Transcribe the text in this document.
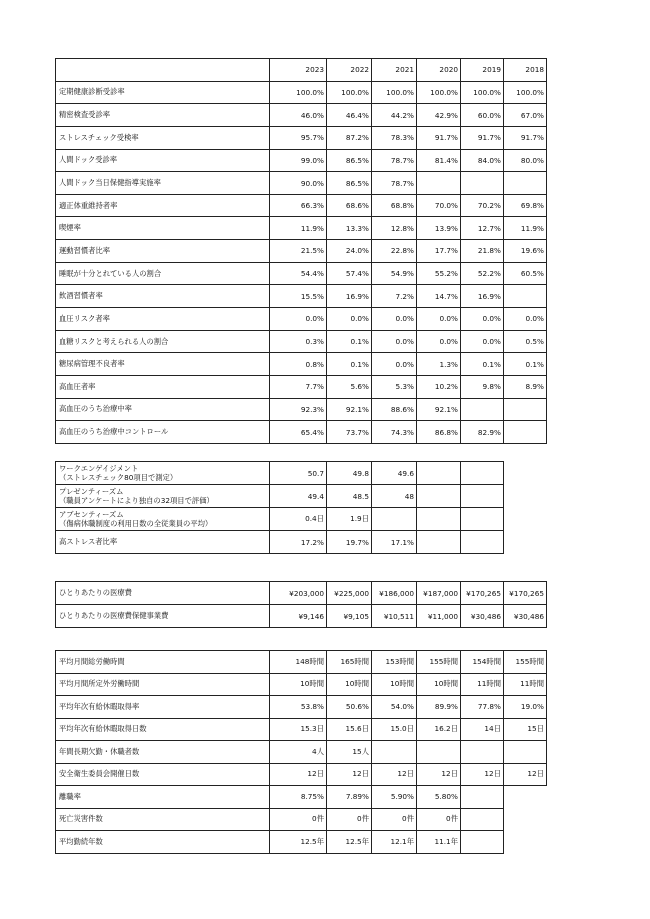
	2023	2022	2021	2020	2019	2018
定期健康診断受診率	100.0%	100.0%	100.0%	100.0%	100.0%	100.0%
精密検査受診率	46.0%	46.4%	44.2%	42.9%	60.0%	67.0%
ストレスチェック受検率	95.7%	87.2%	78.3%	91.7%	91.7%	91.7%
人間ドック受診率	99.0%	86.5%	78.7%	81.4%	84.0%	80.0%
人間ドック当日保健指導実施率	90.0%	86.5%	78.7%			
適正体重維持者率	66.3%	68.6%	68.8%	70.0%	70.2%	69.8%
喫煙率	11.9%	13.3%	12.8%	13.9%	12.7%	11.9%
運動習慣者比率	21.5%	24.0%	22.8%	17.7%	21.8%	19.6%
睡眠が十分とれている人の割合	54.4%	57.4%	54.9%	55.2%	52.2%	60.5%
飲酒習慣者率	15.5%	16.9%	7.2%	14.7%	16.9%	
血圧リスク者率	0.0%	0.0%	0.0%	0.0%	0.0%	0.0%
血糖リスクと考えられる人の割合	0.3%	0.1%	0.0%	0.0%	0.0%	0.5%
糖尿病管理不良者率	0.8%	0.1%	0.0%	1.3%	0.1%	0.1%
高血圧者率	7.7%	5.6%	5.3%	10.2%	9.8%	8.9%
高血圧のうち治療中率	92.3%	92.1%	88.6%	92.1%		
高血圧のうち治療中コントロール	65.4%	73.7%	74.3%	86.8%	82.9%	
ワークエンゲイジメント
（ストレスチェック80項目で測定）	50.7	49.8	49.6		

プレゼンティーズム
（職員アンケートにより独自の32項目で評価）	49.4	48.5	48		

アブセンティーズム
（傷病休職制度の利用日数の全従業員の平均）	0.4日	1.9日			
高ストレス者比率	17.2%	19.7%	17.1%		
ひとりあたりの医療費	¥203,000	¥225,000	¥186,000	¥187,000	¥170,265	¥170,265
ひとりあたりの医療費保健事業費	¥9,146	¥9,105	¥10,511	¥11,000	¥30,486	¥30,486
平均月間総労働時間	148時間	165時間	153時間	155時間	154時間	155時間
平均月間所定外労働時間	10時間	10時間	10時間	10時間	11時間	11時間
平均年次有給休暇取得率	53.8%	50.6%	54.0%	89.9%	77.8%	19.0%
平均年次有給休暇取得日数	15.3日	15.6日	15.0日	16.2日	14日	15日
年間長期欠勤・休職者数	4人	15人				
安全衛生委員会開催日数	12日	12日	12日	12日	12日	12日
離職率	8.75%	7.89%	5.90%	5.80%		
死亡災害件数	0件	0件	0件	0件		
平均勤続年数	12.5年	12.5年	12.1年	11.1年		
